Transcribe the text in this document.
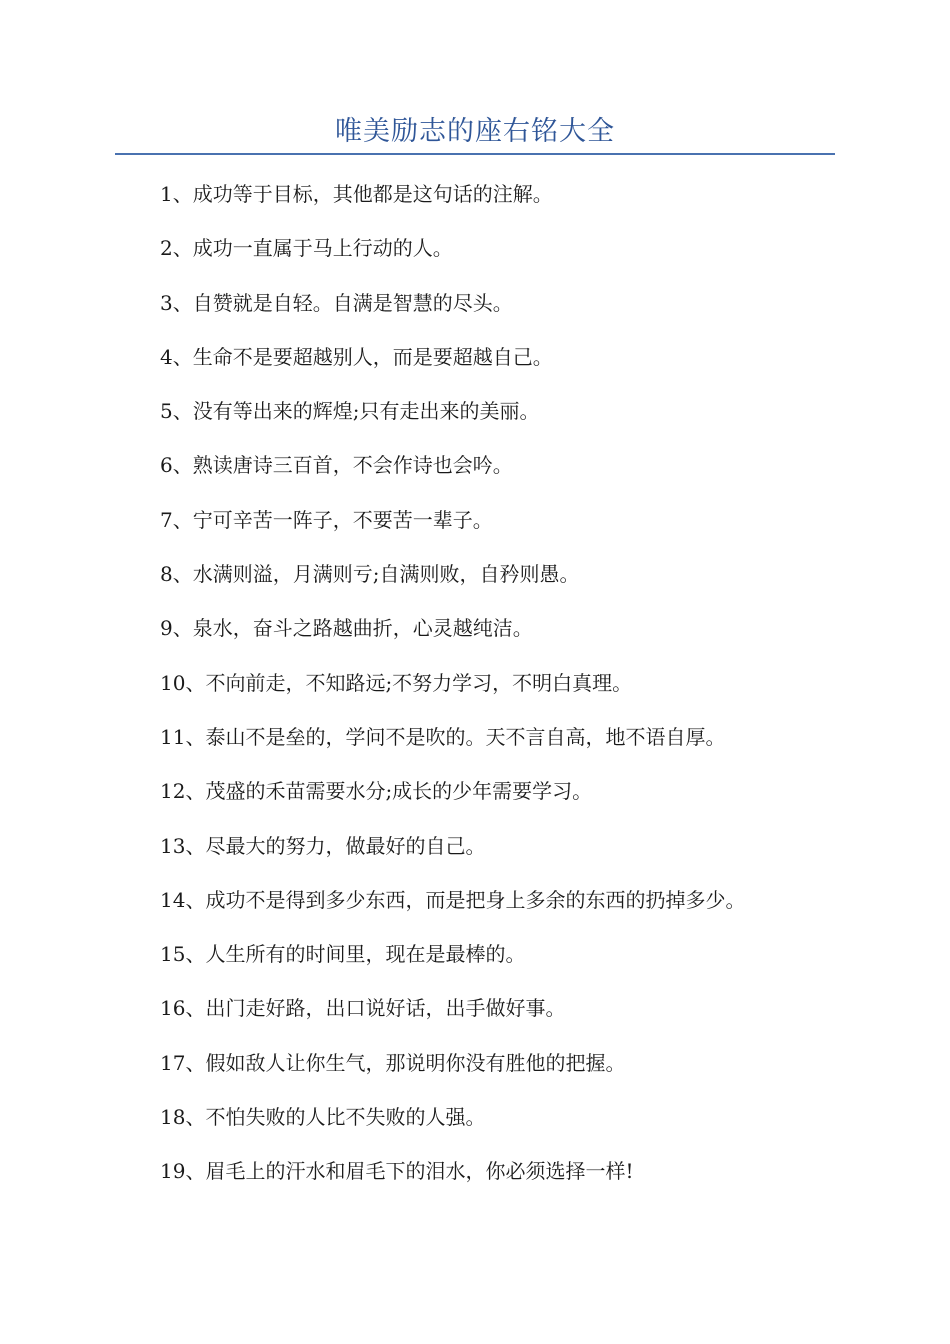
唯美励志的座右铭大全
1、成功等于目标，其他都是这句话的注解。
2、成功一直属于马上行动的人。
3、自赞就是自轻。自满是智慧的尽头。
4、生命不是要超越别人，而是要超越自己。
5、没有等出来的辉煌;只有走出来的美丽。
6、熟读唐诗三百首，不会作诗也会吟。
7、宁可辛苦一阵子，不要苦一辈子。
8、水满则溢，月满则亏;自满则败，自矜则愚。
9、泉水，奋斗之路越曲折，心灵越纯洁。
10、不向前走，不知路远;不努力学习，不明白真理。
11、泰山不是垒的，学问不是吹的。天不言自高，地不语自厚。
12、茂盛的禾苗需要水分;成长的少年需要学习。
13、尽最大的努力，做最好的自己。
14、成功不是得到多少东西，而是把身上多余的东西的扔掉多少。
15、人生所有的时间里，现在是最棒的。
16、出门走好路，出口说好话，出手做好事。
17、假如敌人让你生气，那说明你没有胜他的把握。
18、不怕失败的人比不失败的人强。
19、眉毛上的汗水和眉毛下的泪水，你必须选择一样!
